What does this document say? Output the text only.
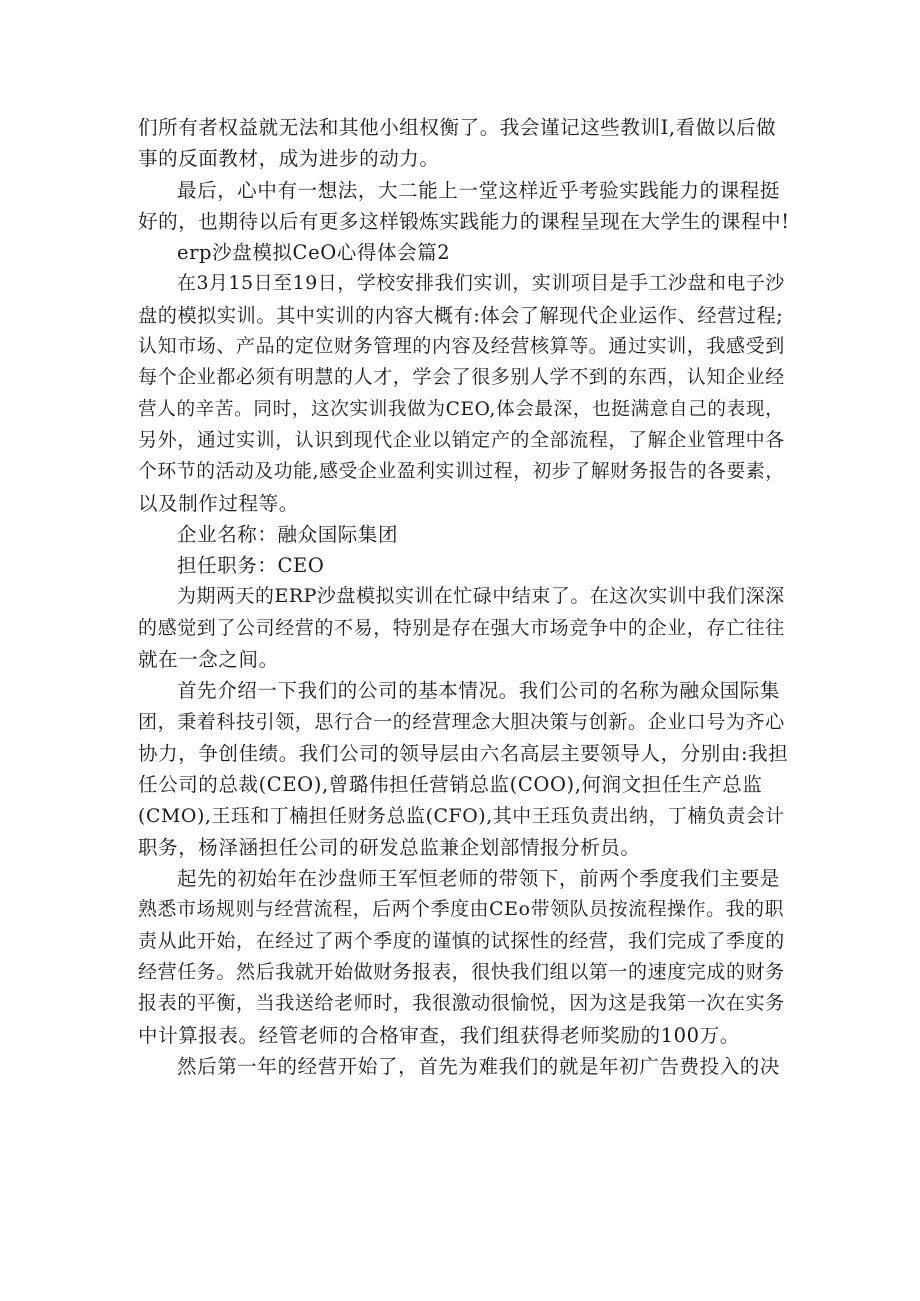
们所有者权益就无法和其他小组权衡了。我会谨记这些教训I,看做以后做
事的反面教材，成为进步的动力。
最后，心中有一想法，大二能上一堂这样近乎考验实践能力的课程挺
好的，也期待以后有更多这样锻炼实践能力的课程呈现在大学生的课程中!
erp沙盘模拟CeO心得体会篇2
在3月15日至19日，学校安排我们实训，实训项目是手工沙盘和电子沙
盘的模拟实训。其中实训的内容大概有:体会了解现代企业运作、经营过程;
认知市场、产品的定位财务管理的内容及经营核算等。通过实训，我感受到
每个企业都必须有明慧的人才，学会了很多别人学不到的东西，认知企业经
营人的辛苦。同时，这次实训我做为CEO,体会最深，也挺满意自己的表现，
另外，通过实训，认识到现代企业以销定产的全部流程，了解企业管理中各
个环节的活动及功能,感受企业盈利实训过程，初步了解财务报告的各要素，
以及制作过程等。
企业名称：融众国际集团
担任职务：CEO
为期两天的ERP沙盘模拟实训在忙碌中结束了。在这次实训中我们深深
的感觉到了公司经营的不易，特别是存在强大市场竞争中的企业，存亡往往
就在一念之间。
首先介绍一下我们的公司的基本情况。我们公司的名称为融众国际集
团，秉着科技引领，思行合一的经营理念大胆决策与创新。企业口号为齐心
协力，争创佳绩。我们公司的领导层由六名高层主要领导人，分别由:我担
任公司的总裁(CEO),曾璐伟担任营销总监(COO),何润文担任生产总监
(CMO),王珏和丁楠担任财务总监(CFO),其中王珏负责出纳，丁楠负责会计
职务，杨泽涵担任公司的研发总监兼企划部情报分析员。
起先的初始年在沙盘师王军恒老师的带领下，前两个季度我们主要是
熟悉市场规则与经营流程，后两个季度由CEo带领队员按流程操作。我的职
责从此开始，在经过了两个季度的谨慎的试探性的经营，我们完成了季度的
经营任务。然后我就开始做财务报表，很快我们组以第一的速度完成的财务
报表的平衡，当我送给老师时，我很激动很愉悦，因为这是我第一次在实务
中计算报表。经管老师的合格审查，我们组获得老师奖励的100万。
然后第一年的经营开始了，首先为难我们的就是年初广告费投入的决
